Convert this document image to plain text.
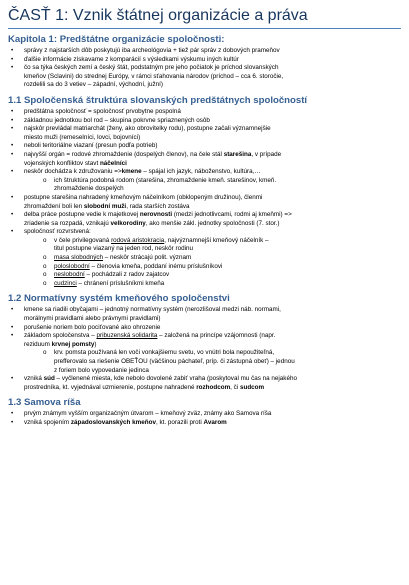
ČASŤ 1: Vznik štátnej organizácie a práva
Kapitola 1: Predštátne organizácie spoločnosti:
• správy z najstarších dôb poskytujú iba archeológovia + tiež pár správ z dobových prameňov
• ďalšie informácie získavame z komparácií s výsledkami výskumu iných kultúr
• čo sa týka českých zemí a český štát, podstatným pre jeho počiatok je príchod slovanských
kmeňov (Sclavini) do strednej Európy, v rámci sťahovania národov (príchod – cca 6. storočie,
rozdelili sa do 3 vetiev – západní, východní, južní)
1.1 Spoločenská štruktúra slovanských predštátnych spoločností
• predštátna spoločnosť = spoločnosť prvobytne pospolná
• základnou jednotkou bol rod – skupina pokrvne spriaznených osôb
• najskôr prevládal matriarchát (ženy, ako obrovitelky rodu), postupne začali významnejšie
miesto muži (remeselníci, lovci, bojovníci)
• neboli teritoriálne viazaní (presun podľa potrieb)
• najvyšší orgán = rodové zhromaždenie (dospelých členov), na čele stál starešina, v prípade
vojenských konfliktov stavt náčelníci
• neskôr dochádza k združovaniu =>kmene – spájal ich jazyk, náboženstvo, kultúra,…
o ich štruktúra podobná rodom (starešina, zhromaždenie kmeň. starešinov, kmeň.
zhromaždenie dospelých
• postupne starešina nahradený kmeňovým náčelníkom (obklopeným družinou), členmi
zhromaždení boli len slobodní muži, rada starších zostáva
• delba práce postupne vedie k majetkovej nerovnosti (medzi jednotlivcami, rodmi aj kmeňmi) =>
zriadenie sa rozpadá, vznikajú velkorodiny, ako menšie zákl. jednotky spoločnosti (7. stor.)
• spoločnosť rozvrstvená:
o v čele privilegovaná rodová aristokracia, najvýznamnejší kmeňový náčelník –
titul postupne viazaný na jeden rod, neskôr rodinu
o masa slobodných – neskôr strácajú polit. význam
o poloslobodní – členovia kmeňa, poddaní inému príslušníkovi
o neslobodní – pochádzali z radov zajatcov
o cudzinci – chránení príslušníkmi kmeňa
1.2 Normatívny systém kmeňového spoločenstvi
• kmene sa riadili obyčajami – jednotný normatívny systém (nerozlišoval medzi náb. normami,
morálnymi pravidlami alebo právnymi pravidlami)
• porušenie noriem bolo pociťované ako ohrozenie
• základom spoločenstva – pribuzenská solidarita – založená na princípe vzájomnosti (napr.
reziduum krvnej pomsty)
o krv. pomsta používaná len voči vonkajšiemu svetu, vo vnútri bola nepoužiteľná,
prefferovalo sa riešenie OBEŤOU (väčšinou páchateľ, príp. či zástupná obeť) – jednou
z foriem bolo vypovedanie jedinca
• vzniká súd – vyčlenené miesta, kde nebolo dovolené zabiť vraha (poskytoval mu čas na nejakého
prostredníka, kt. vyjednával uzmierenie, postupne nahradené rozhodcom, či sudcom
1.3 Samova ríša
• prvým známym vyšším organizačným útvarom – kmeňový zväz, známy ako Samova ríša
• vzniká spojením západoslovanských kmeňov, kt. porazili proti Avarom
